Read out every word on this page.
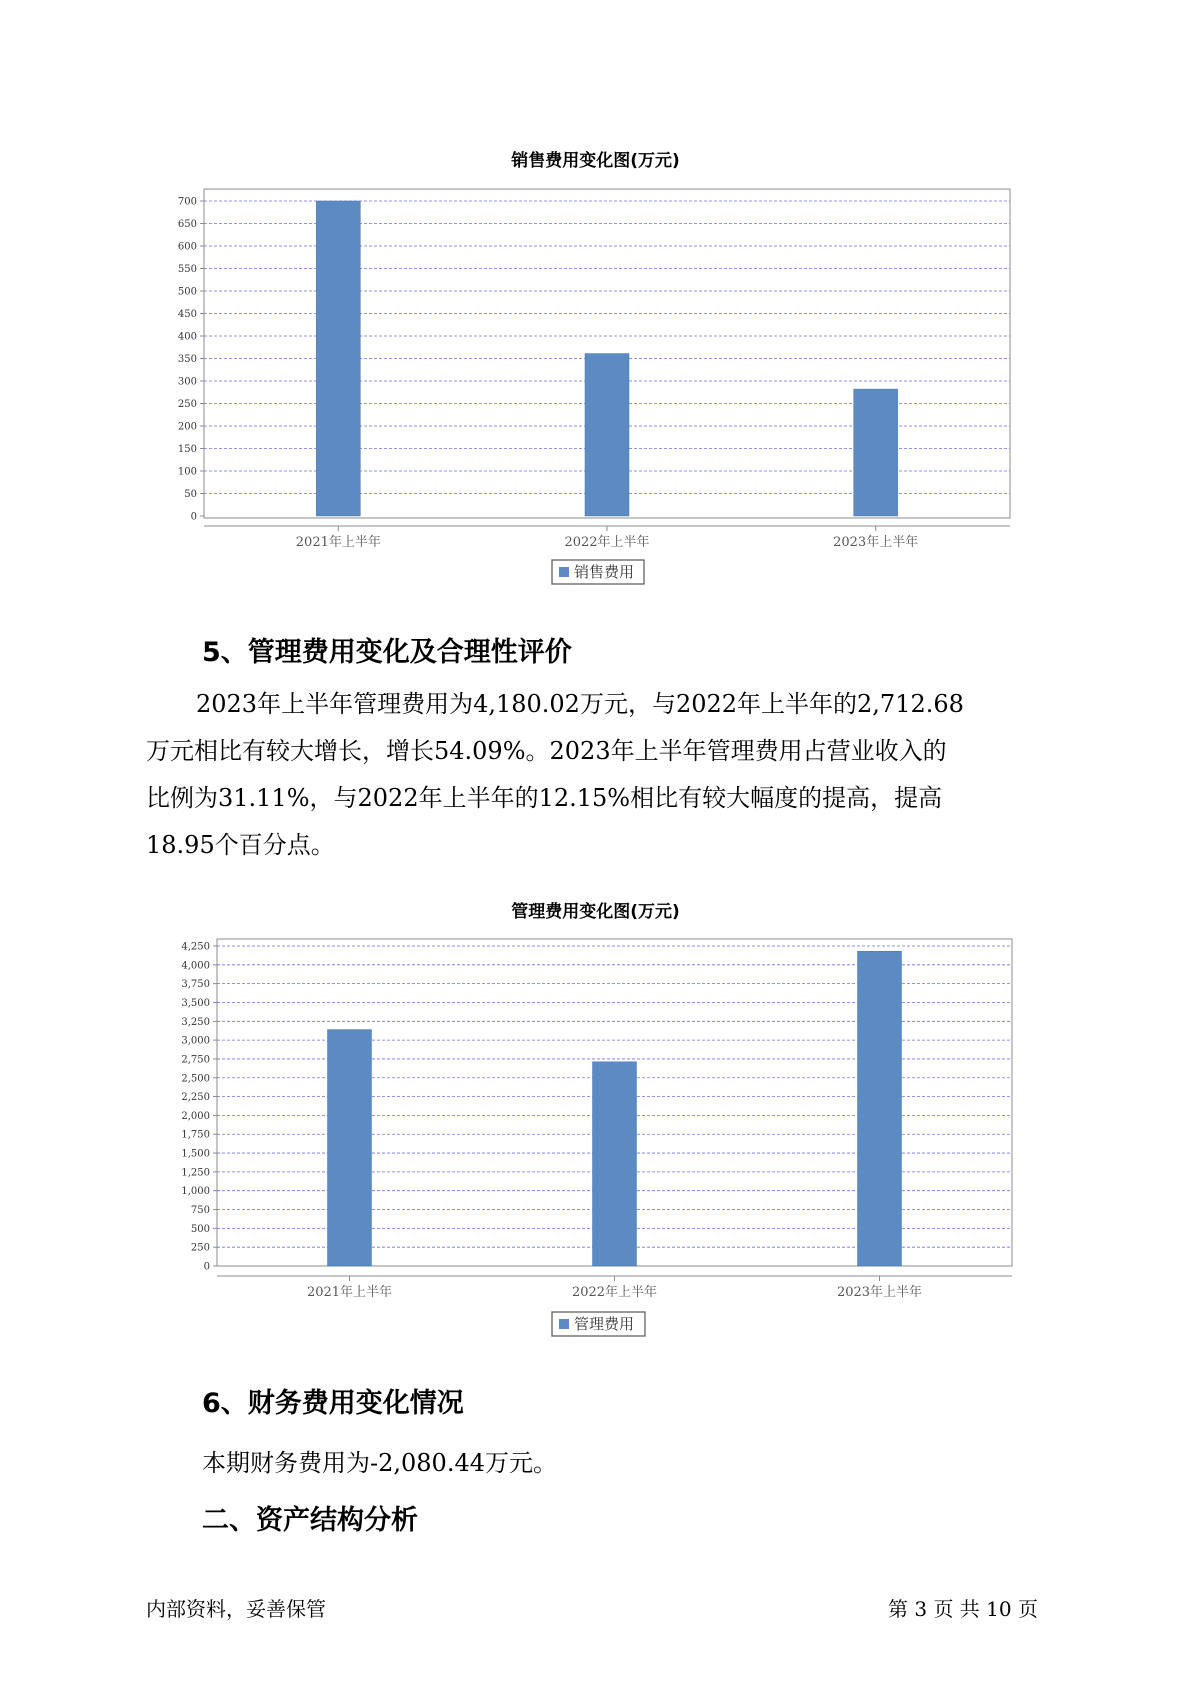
销售费用变化图(万元)
0
50
100
150
200
250
300
350
400
450
500
550
600
650
700
2021年上半年	2022年上半年	2023年上半年
销售费用
5、管理费用变化及合理性评价
2023年上半年管理费用为4,180.02万元，与2022年上半年的2,712.68
万元相比有较大增长，增长54.09%。2023年上半年管理费用占营业收入的
比例为31.11%，与2022年上半年的12.15%相比有较大幅度的提高，提高
18.95个百分点。
管理费用变化图(万元)
0
250
500
750
1,000
1,250
1,500
1,750
2,000
2,250
2,500
2,750
3,000
3,250
3,500
3,750
4,000
4,250
2021年上半年	2022年上半年	2023年上半年
管理费用
6、财务费用变化情况
本期财务费用为-2,080.44万元。
二、资产结构分析
内部资料，妥善保管	第 3 页 共 10 页
